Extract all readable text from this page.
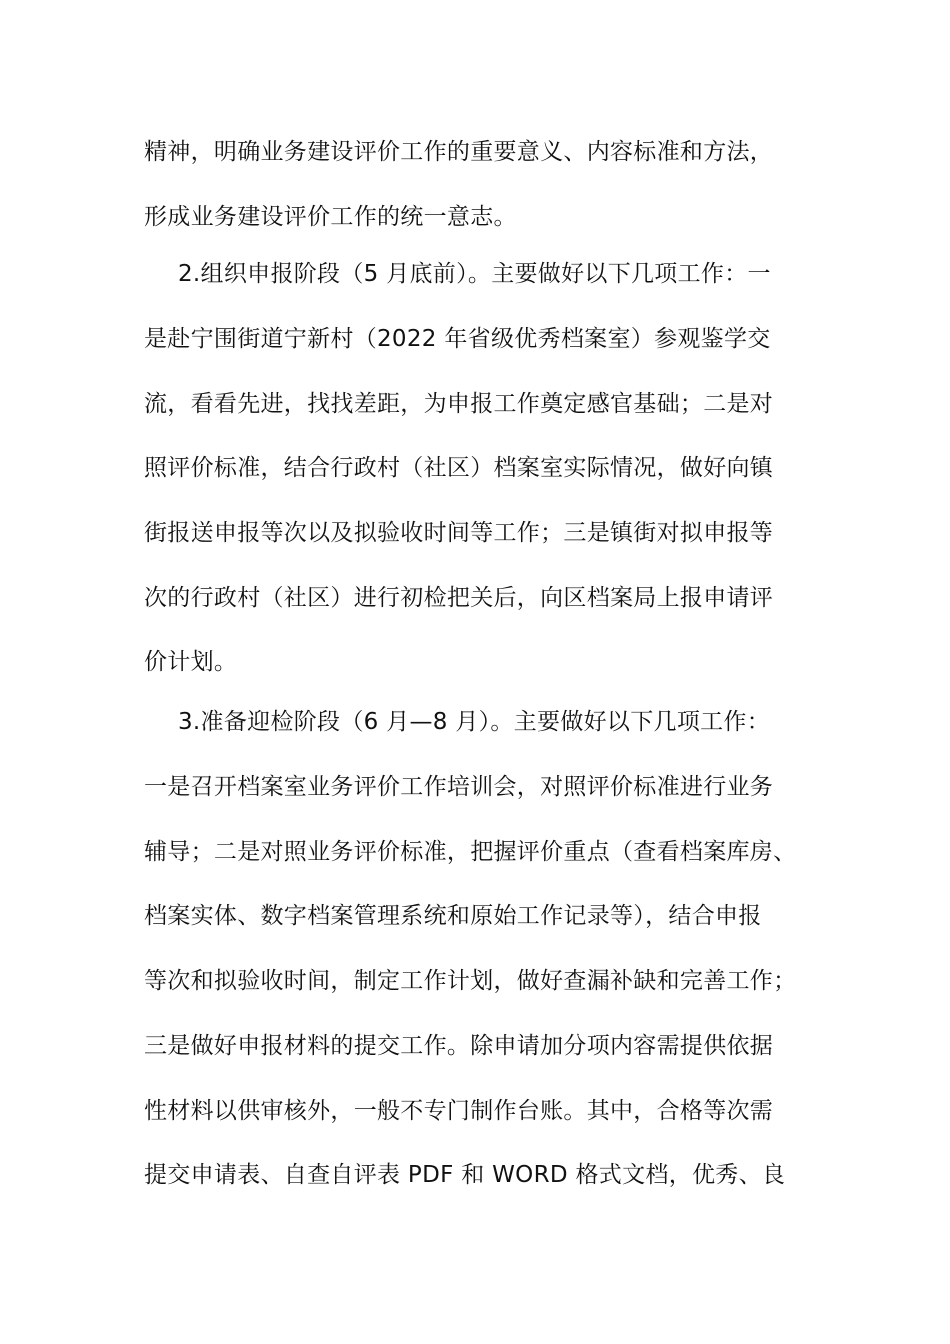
精神，明确业务建设评价工作的重要意义、内容标准和方法，
形成业务建设评价工作的统一意志。
2.组织申报阶段（5 月底前）。主要做好以下几项工作：一
是赴宁围街道宁新村（2022 年省级优秀档案室）参观鉴学交
流，看看先进，找找差距，为申报工作奠定感官基础；二是对
照评价标准，结合行政村（社区）档案室实际情况，做好向镇
街报送申报等次以及拟验收时间等工作；三是镇街对拟申报等
次的行政村（社区）进行初检把关后，向区档案局上报申请评
价计划。
3.准备迎检阶段（6 月—8 月）。主要做好以下几项工作：
一是召开档案室业务评价工作培训会，对照评价标准进行业务
辅导；二是对照业务评价标准，把握评价重点（查看档案库房、
档案实体、数字档案管理系统和原始工作记录等），结合申报
等次和拟验收时间，制定工作计划，做好查漏补缺和完善工作；
三是做好申报材料的提交工作。除申请加分项内容需提供依据
性材料以供审核外，一般不专门制作台账。其中，合格等次需
提交申请表、自查自评表 PDF 和 WORD 格式文档，优秀、良
